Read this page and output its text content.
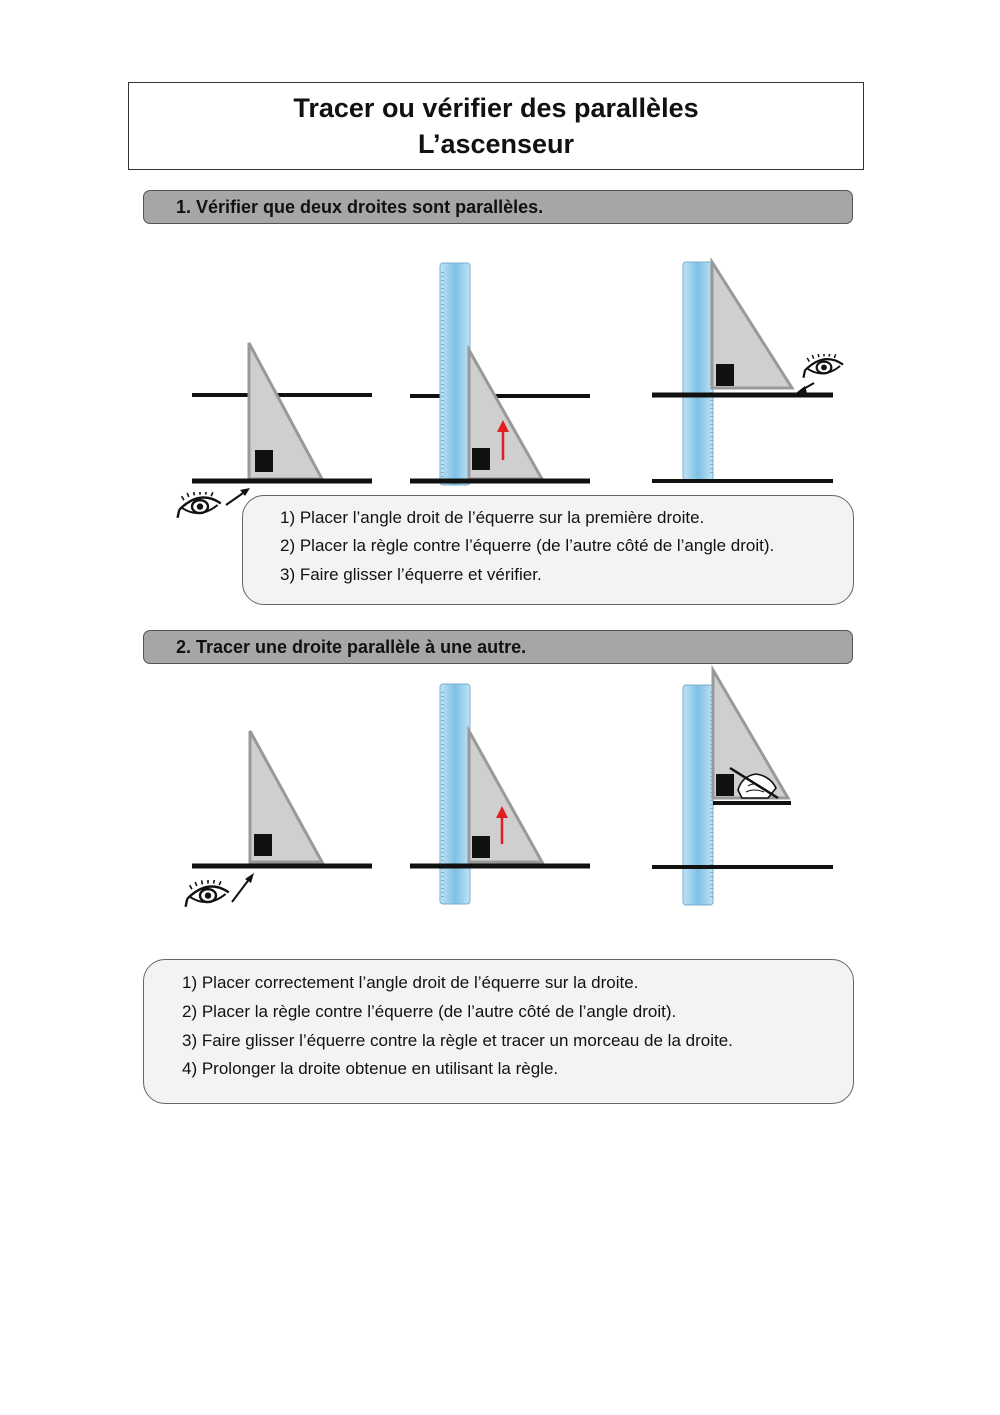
Tracer ou vérifier des parallèles
L’ascenseur
1. Vérifier que deux droites sont parallèles.
1) Placer l’angle droit de l’équerre sur la première droite.
2) Placer la règle contre l’équerre (de l’autre côté de l’angle droit).
3) Faire glisser l’équerre et vérifier.
2. Tracer une droite parallèle à une autre.
1) Placer correctement l’angle droit de l’équerre sur la droite.
2) Placer la règle contre l’équerre (de l’autre côté de l’angle droit).
3) Faire glisser l’équerre contre la règle et tracer un morceau de la droite.
4) Prolonger la droite obtenue en utilisant la règle.
